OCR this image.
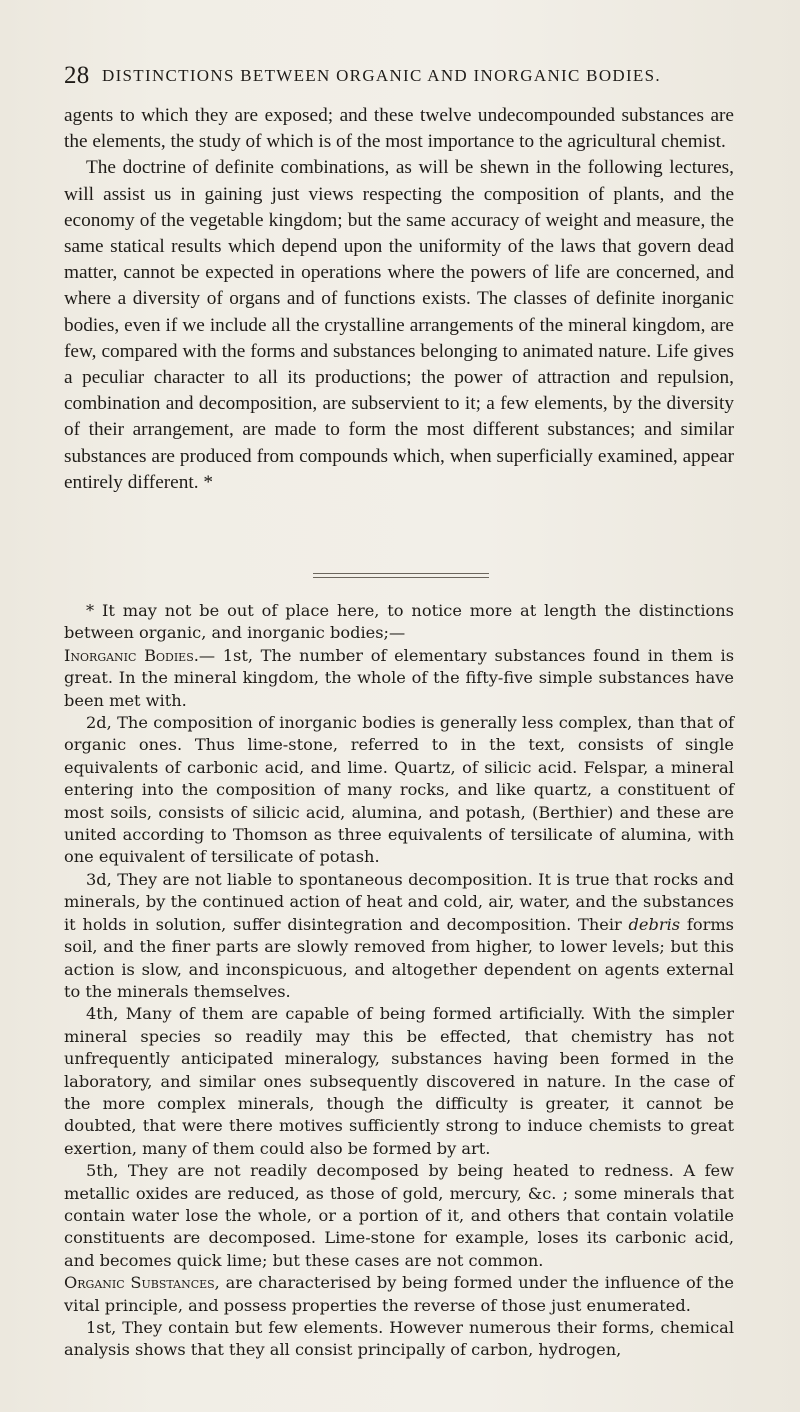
28 DISTINCTIONS BETWEEN ORGANIC AND INORGANIC BODIES.

agents to which they are exposed; and these twelve undecompounded substances are the elements, the study of which is of the most importance to the agricultural chemist.

The doctrine of definite combinations, as will be shewn in the following lectures, will assist us in gaining just views respecting the composition of plants, and the economy of the vegetable kingdom; but the same accuracy of weight and measure, the same statical results which depend upon the uniformity of the laws that govern dead matter, cannot be expected in operations where the powers of life are concerned, and where a diversity of organs and of functions exists. The classes of definite inorganic bodies, even if we include all the crystalline arrangements of the mineral kingdom, are few, compared with the forms and substances belonging to animated nature. Life gives a peculiar character to all its productions; the power of attraction and repulsion, combination and decomposition, are subservient to it; a few elements, by the diversity of their arrangement, are made to form the most different substances; and similar substances are produced from compounds which, when superficially examined, appear entirely different. *

* It may not be out of place here, to notice more at length the distinctions between organic, and inorganic bodies;—

Inorganic Bodies.— 1st, The number of elementary substances found in them is great. In the mineral kingdom, the whole of the fifty-five simple substances have been met with.

2d, The composition of inorganic bodies is generally less complex, than that of organic ones. Thus lime-stone, referred to in the text, consists of single equivalents of carbonic acid, and lime. Quartz, of silicic acid. Felspar, a mineral entering into the composition of many rocks, and like quartz, a constituent of most soils, consists of silicic acid, alumina, and potash, (Berthier) and these are united according to Thomson as three equivalents of tersilicate of alumina, with one equivalent of tersilicate of potash.

3d, They are not liable to spontaneous decomposition. It is true that rocks and minerals, by the continued action of heat and cold, air, water, and the substances it holds in solution, suffer disintegration and decomposition. Their debris forms soil, and the finer parts are slowly removed from higher, to lower levels; but this action is slow, and inconspicuous, and altogether dependent on agents external to the minerals themselves.

4th, Many of them are capable of being formed artificially. With the simpler mineral species so readily may this be effected, that chemistry has not unfrequently anticipated mineralogy, substances having been formed in the laboratory, and similar ones subsequently discovered in nature. In the case of the more complex minerals, though the difficulty is greater, it cannot be doubted, that were there motives sufficiently strong to induce chemists to great exertion, many of them could also be formed by art.

5th, They are not readily decomposed by being heated to redness. A few metallic oxides are reduced, as those of gold, mercury, &c. ; some minerals that contain water lose the whole, or a portion of it, and others that contain volatile constituents are decomposed. Lime-stone for example, loses its carbonic acid, and becomes quick lime; but these cases are not common.

Organic Substances, are characterised by being formed under the influence of the vital principle, and possess properties the reverse of those just enumerated.

1st, They contain but few elements. However numerous their forms, chemical analysis shows that they all consist principally of carbon, hydrogen,
